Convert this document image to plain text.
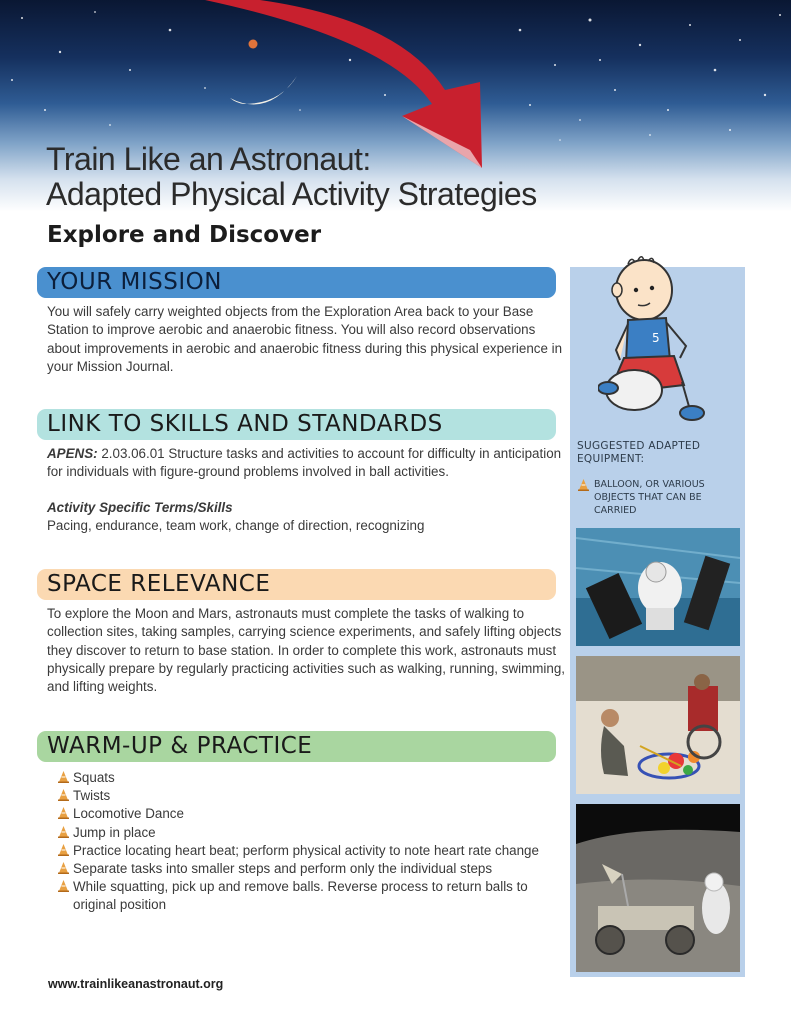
Train Like an Astronaut:
Adapted Physical Activity Strategies
Explore and Discover
YOUR MISSION

You will safely carry weighted objects from the Exploration Area back to your Base Station to improve aerobic and anaerobic fitness. You will also record observations about improvements in aerobic and anaerobic fitness during this physical experience in your Mission Journal.

LINK TO SKILLS AND STANDARDS

APENS: 2.03.06.01 Structure tasks and activities to account for difficulty in anticipation for individuals with figure-ground problems involved in ball activities.

Activity Specific Terms/Skills

Pacing, endurance, team work, change of direction, recognizing

SPACE RELEVANCE

To explore the Moon and Mars, astronauts must complete the tasks of walking to collection sites, taking samples, carrying science experiments, and safely lifting objects they discover to return to base station. In order to complete this work, astronauts must physically prepare by regularly practicing activities such as walking, running, swimming, and lifting weights.

WARM-UP & PRACTICE
Squats
Twists
Locomotive Dance
Jump in place
Practice locating heart beat; perform physical activity to note heart rate change
Separate tasks into smaller steps and perform only the individual steps
While squatting, pick up and remove balls. Reverse process to return balls to original position

www.trainlikeanastronaut.org

5

SUGGESTED ADAPTED EQUIPMENT:

BALLOON, OR VARIOUS OBJECTS THAT CAN BE CARRIED
